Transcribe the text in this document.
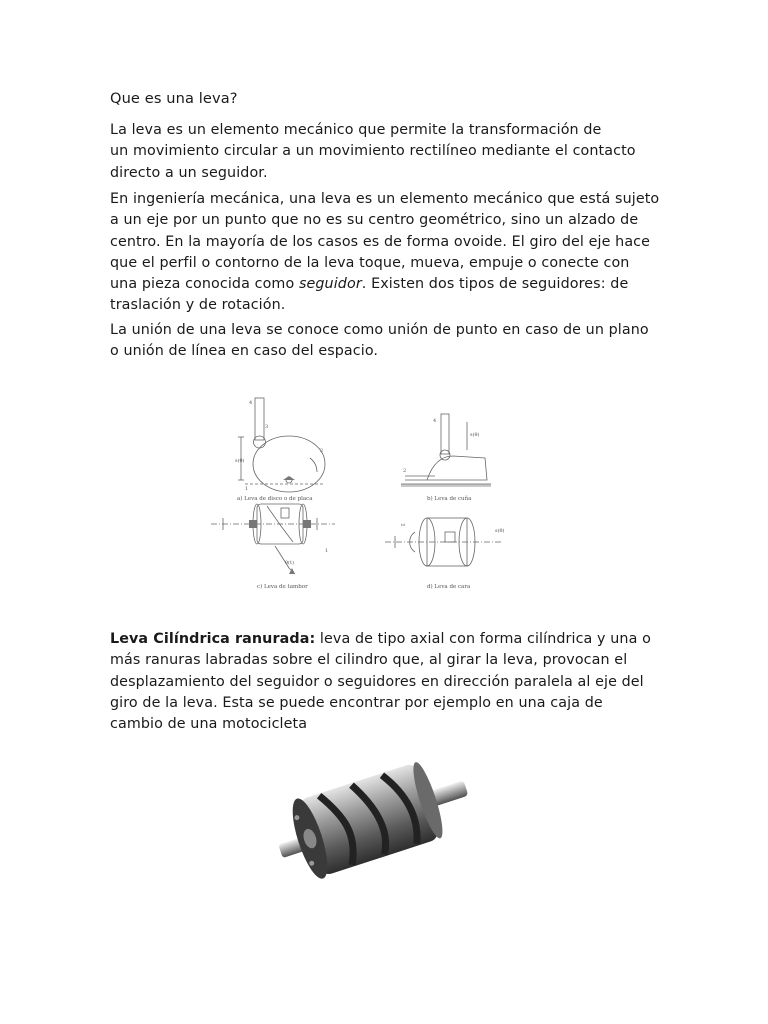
Que es una leva?
La leva es un elemento mecánico que permite la transformación de
un movimiento circular a un movimiento rectilíneo mediante el contacto
directo a un seguidor.
En ingeniería mecánica, una leva es un elemento mecánico que está sujeto
a un eje por un punto que no es su centro geométrico, sino un alzado de
centro. En la mayoría de los casos es de forma ovoide. El giro del eje hace
que el perfil o contorno de la leva toque, mueva, empuje o conecte con
una pieza conocida como seguidor. Existen dos tipos de seguidores: de
traslación y de rotación.
La unión de una leva se conoce como unión de punto en caso de un plano
o unión de línea en caso del espacio.
s(θ)
3
4
2
1
s(θ)
4
2
θ(t)
1
ω
s(θ)
a) Leva de disco o de placa	b) Leva de cuña
c) Leva de tambor	d) Leva de cara
Leva Cilíndrica ranurada: leva de tipo axial con forma cilíndrica y una o
más ranuras labradas sobre el cilindro que, al girar la leva, provocan el
desplazamiento del seguidor o seguidores en dirección paralela al eje del
giro de la leva. Esta se puede encontrar por ejemplo en una caja de
cambio de una motocicleta
